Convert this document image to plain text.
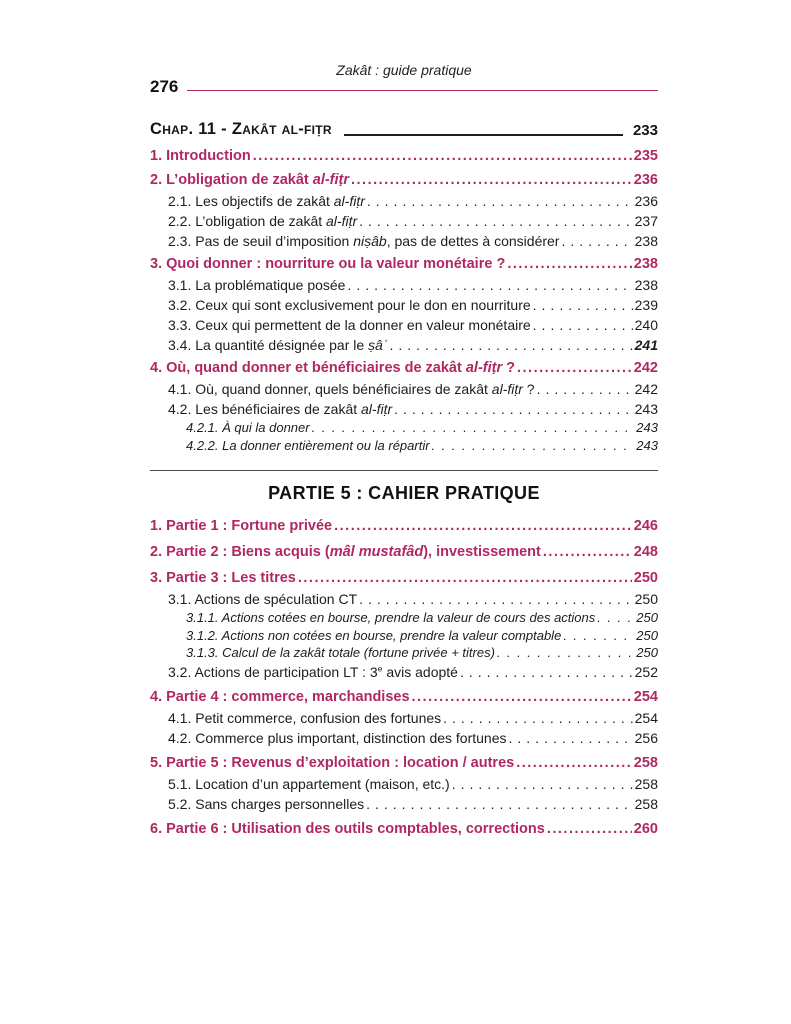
Zakât : guide pratique
276
Chap. 11 - Zakât al-fiṭr	233
1. Introduction .....	235
2. L’obligation de zakât al-fiṭr .....	236
2.1. Les objectifs de zakât al-fiṭr .....	236
2.2. L’obligation de zakât al-fiṭr .....	237
2.3. Pas de seuil d’imposition niṣâb, pas de dettes à considérer .....	238
3. Quoi donner : nourriture ou la valeur monétaire ? .....	238
3.1. La problématique posée .....	238
3.2. Ceux qui sont exclusivement pour le don en nourriture .....	239
3.3. Ceux qui permettent de la donner en valeur monétaire .....	240
3.4. La quantité désignée par le ṣâʿ .....	241
4. Où, quand donner et bénéficiaires de zakât al-fiṭr ? .....	242
4.1. Où, quand donner, quels bénéficiaires de zakât al-fiṭr ? .....	242
4.2. Les bénéficiaires de zakât al-fiṭr .....	243
4.2.1. À qui la donner .....	243
4.2.2. La donner entièrement ou la répartir .....	243
PARTIE 5 : CAHIER PRATIQUE
1. Partie 1 : Fortune privée .....	246
2. Partie 2 : Biens acquis (mâl mustafâd), investissement .....	248
3. Partie 3 : Les titres .....	250
3.1. Actions de spéculation CT .....	250
3.1.1. Actions cotées en bourse, prendre la valeur de cours des actions .....	250
3.1.2. Actions non cotées en bourse, prendre la valeur comptable .....	250
3.1.3. Calcul de la zakât totale (fortune privée + titres) .....	250
3.2. Actions de participation LT : 3e avis adopté .....	252
4. Partie 4 : commerce, marchandises .....	254
4.1. Petit commerce, confusion des fortunes .....	254
4.2. Commerce plus important, distinction des fortunes .....	256
5. Partie 5 : Revenus d’exploitation : location / autres .....	258
5.1. Location d’un appartement (maison, etc.) .....	258
5.2. Sans charges personnelles .....	258
6. Partie 6 : Utilisation des outils comptables, corrections .....	260
